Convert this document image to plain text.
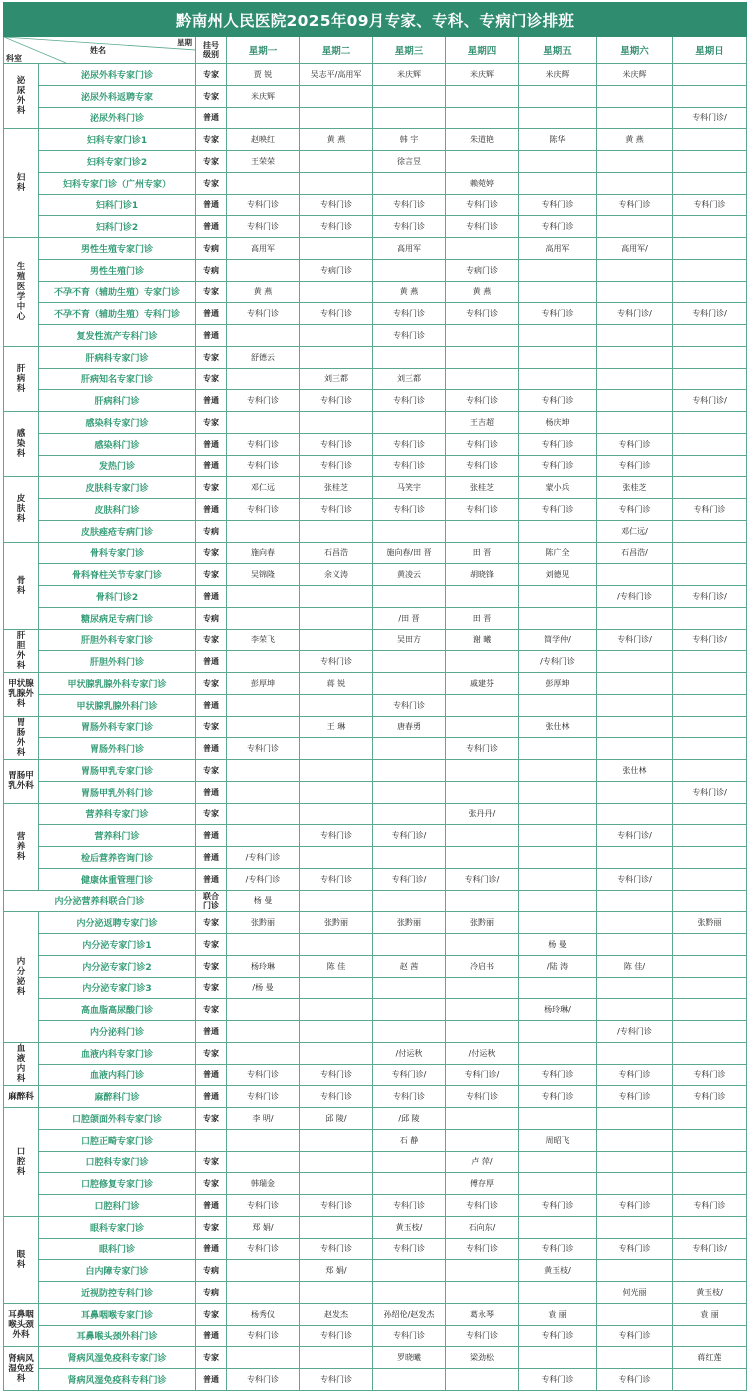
黔南州人民医院2025年09月专家、专科、专病门诊排班									

星期
姓名
科室		挂号级别	星期一	星期二	星期三	星期四	星期五	星期六	星期日
泌尿外科	泌尿外科专家门诊	专家	贾 锐	吴志平/高用军	米庆辉	米庆辉	米庆辉	米庆辉	
	泌尿外科返聘专家	专家	米庆辉						
	泌尿外科门诊	普通							专科门诊/
妇科	妇科专家门诊1	专家	赵映红	黄 燕	韩 宇	朱道艳	陈华	黄 燕	
	妇科专家门诊2	专家	王荣荣		徐言昱				
	妇科专家门诊（广州专家）	专家				赖菀婷			
	妇科门诊1	普通	专科门诊	专科门诊	专科门诊	专科门诊	专科门诊	专科门诊	专科门诊
	妇科门诊2	普通	专科门诊	专科门诊	专科门诊	专科门诊	专科门诊		
生殖医学中心	男性生殖专家门诊	专病	高用军		高用军		高用军	高用军/	
	男性生殖门诊	专病		专病门诊		专病门诊			
	不孕不育（辅助生殖）专家门诊	专家	黄 燕		黄 燕	黄 燕			
	不孕不育（辅助生殖）专科门诊	普通	专科门诊	专科门诊	专科门诊	专科门诊	专科门诊	专科门诊/	专科门诊/
	复发性流产专科门诊	普通			专科门诊				
肝病科	肝病科专家门诊	专家	舒德云						
	肝病知名专家门诊	专家		刘三都	刘三都				
	肝病科门诊	普通	专科门诊	专科门诊	专科门诊	专科门诊	专科门诊		专科门诊/
感染科	感染科专家门诊	专家				王吉超	杨庆坤		
	感染科门诊	普通	专科门诊	专科门诊	专科门诊	专科门诊	专科门诊	专科门诊	
	发热门诊	普通	专科门诊	专科门诊	专科门诊	专科门诊	专科门诊	专科门诊	
皮肤科	皮肤科专家门诊	专家	邓仁远	张桂芝	马笑宇	张桂芝	蒙小兵	张桂芝	
	皮肤科门诊	普通	专科门诊	专科门诊	专科门诊	专科门诊	专科门诊	专科门诊	专科门诊
	皮肤痤疮专病门诊	专病						邓仁远/	
骨科	骨科专家门诊	专家	施向春	石昌浩	施向春/田 晋	田 晋	陈广全	石昌浩/	
	骨科脊柱关节专家门诊	专家	吴锦隆	余义涛	黄凌云	胡晓锋	刘德见		
	骨科门诊2	普通						/专科门诊	专科门诊/
	糖尿病足专病门诊	专病			/田 晋	田 晋			
肝胆外科	肝胆外科专家门诊	专家	李荣飞		吴田方	谢 曦	简学仲/	专科门诊/	专科门诊/
	肝胆外科门诊	普通		专科门诊			/专科门诊		
甲状腺乳腺外科	甲状腺乳腺外科专家门诊	专家	彭厚坤	蒋 锐		戚建芬	彭厚坤		
	甲状腺乳腺外科门诊	普通			专科门诊				
胃肠外科	胃肠外科专家门诊	专家		王 琳	唐春勇		张仕林		
	胃肠外科门诊	普通	专科门诊			专科门诊			
胃肠甲乳外科	胃肠甲乳专家门诊	专家						张仕林	
	胃肠甲乳外科门诊	普通							专科门诊/
营养科	营养科专家门诊	专家				张丹丹/			
	营养科门诊	普通		专科门诊	专科门诊/			专科门诊/	
	检后营养咨询门诊	普通	/专科门诊						
	健康体重管理门诊	普通	/专科门诊	专科门诊	专科门诊/	专科门诊/		专科门诊/	
内分泌营养科联合门诊		联合门诊	杨 曼						
内分泌科	内分泌返聘专家门诊	专家	张黔丽	张黔丽	张黔丽	张黔丽			张黔丽
	内分泌专家门诊1	专家					杨 曼		
	内分泌专家门诊2	专家	杨玲琳	陈 佳	赵 茜	冷启书	/陆 涛	陈 佳/	
	内分泌专家门诊3	专家	/杨 曼						
	高血脂高尿酸门诊	专家					杨玲琳/		
	内分泌科门诊	普通						/专科门诊	
血液内科	血液内科专家门诊	专家			/付运秋	/付运秋			
	血液内科门诊	普通	专科门诊	专科门诊	专科门诊/	专科门诊/	专科门诊	专科门诊	专科门诊
麻醉科	麻醉科门诊	普通	专科门诊	专科门诊	专科门诊	专科门诊	专科门诊	专科门诊	专科门诊
口腔科	口腔颌面外科专家门诊	专家	李 明/	邱 陵/	/邱 陵				
	口腔正畸专家门诊				石 静		周昭飞		
	口腔科专家门诊	专家				卢 萍/			
	口腔修复专家门诊	专家	韩瑞金			傅存厚			
	口腔科门诊	普通	专科门诊	专科门诊	专科门诊	专科门诊	专科门诊	专科门诊	专科门诊
眼科	眼科专家门诊	专家	郑 娟/		黄玉枝/	石向东/			
	眼科门诊	普通	专科门诊	专科门诊	专科门诊	专科门诊	专科门诊	专科门诊	专科门诊/
	白内障专家门诊	专病		郑 娟/			黄玉枝/		
	近视防控专科门诊	专病						何光丽	黄玉枝/
耳鼻咽喉头颈外科	耳鼻咽喉专家门诊	专家	杨秀仪	赵发杰	孙绍伦/赵发杰	葛永琴	袁 丽		袁 丽
	耳鼻喉头颈外科门诊	普通	专科门诊	专科门诊	专科门诊	专科门诊	专科门诊	专科门诊	
肾病风湿免疫科	肾病风湿免疫科专家门诊	专家			罗晓曦	梁劲松			蒋红莲
	肾病风湿免疫科专科门诊	普通	专科门诊	专科门诊			专科门诊	专科门诊	
